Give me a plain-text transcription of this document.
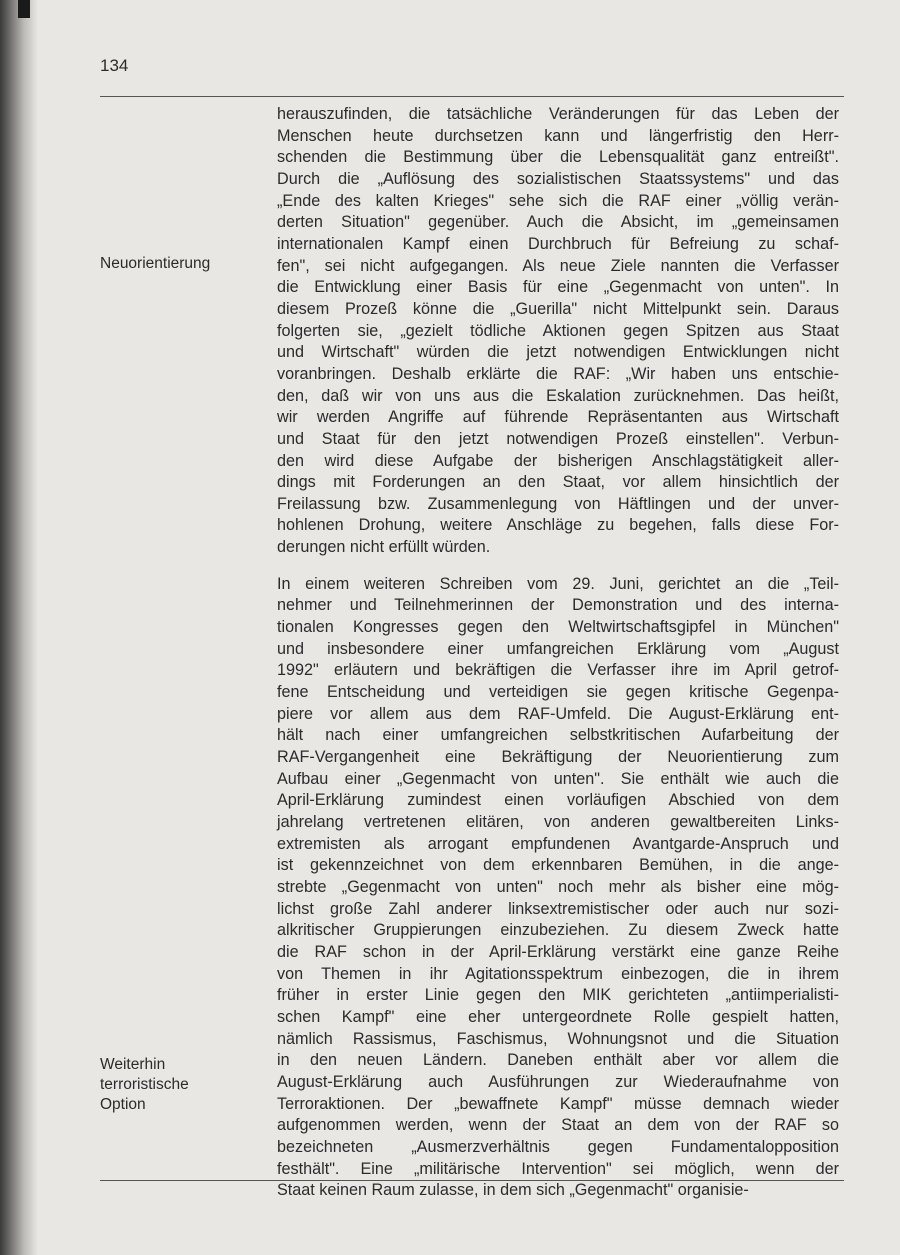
134
Neuorientierung
Weiterhin
terroristische
Option

herauszufinden, die tatsächliche Veränderungen für das Leben der

Menschen heute durchsetzen kann und längerfristig den Herr-

schenden die Bestimmung über die Lebensqualität ganz entreißt".

Durch die „Auflösung des sozialistischen Staatssystems" und das

„Ende des kalten Krieges" sehe sich die RAF einer „völlig verän-

derten Situation" gegenüber. Auch die Absicht, im „gemeinsamen

internationalen Kampf einen Durchbruch für Befreiung zu schaf-

fen", sei nicht aufgegangen. Als neue Ziele nannten die Verfasser

die Entwicklung einer Basis für eine „Gegenmacht von unten". In

diesem Prozeß könne die „Guerilla" nicht Mittelpunkt sein. Daraus

folgerten sie, „gezielt tödliche Aktionen gegen Spitzen aus Staat

und Wirtschaft" würden die jetzt notwendigen Entwicklungen nicht

voranbringen. Deshalb erklärte die RAF: „Wir haben uns entschie-

den, daß wir von uns aus die Eskalation zurücknehmen. Das heißt,

wir werden Angriffe auf führende Repräsentanten aus Wirtschaft

und Staat für den jetzt notwendigen Prozeß einstellen". Verbun-

den wird diese Aufgabe der bisherigen Anschlagstätigkeit aller-

dings mit Forderungen an den Staat, vor allem hinsichtlich der

Freilassung bzw. Zusammenlegung von Häftlingen und der unver-

hohlenen Drohung, weitere Anschläge zu begehen, falls diese For-

derungen nicht erfüllt würden.

In einem weiteren Schreiben vom 29. Juni, gerichtet an die „Teil-

nehmer und Teilnehmerinnen der Demonstration und des interna-

tionalen Kongresses gegen den Weltwirtschaftsgipfel in München"

und insbesondere einer umfangreichen Erklärung vom „August

1992" erläutern und bekräftigen die Verfasser ihre im April getrof-

fene Entscheidung und verteidigen sie gegen kritische Gegenpa-

piere vor allem aus dem RAF-Umfeld. Die August-Erklärung ent-

hält nach einer umfangreichen selbstkritischen Aufarbeitung der

RAF-Vergangenheit eine Bekräftigung der Neuorientierung zum

Aufbau einer „Gegenmacht von unten". Sie enthält wie auch die

April-Erklärung zumindest einen vorläufigen Abschied von dem

jahrelang vertretenen elitären, von anderen gewaltbereiten Links-

extremisten als arrogant empfundenen Avantgarde-Anspruch und

ist gekennzeichnet von dem erkennbaren Bemühen, in die ange-

strebte „Gegenmacht von unten" noch mehr als bisher eine mög-

lichst große Zahl anderer linksextremistischer oder auch nur sozi-

alkritischer Gruppierungen einzubeziehen. Zu diesem Zweck hatte

die RAF schon in der April-Erklärung verstärkt eine ganze Reihe

von Themen in ihr Agitationsspektrum einbezogen, die in ihrem

früher in erster Linie gegen den MIK gerichteten „antiimperialisti-

schen Kampf" eine eher untergeordnete Rolle gespielt hatten,

nämlich Rassismus, Faschismus, Wohnungsnot und die Situation

in den neuen Ländern. Daneben enthält aber vor allem die

August-Erklärung auch Ausführungen zur Wiederaufnahme von

Terroraktionen. Der „bewaffnete Kampf" müsse demnach wieder

aufgenommen werden, wenn der Staat an dem von der RAF so

bezeichneten „Ausmerzverhältnis gegen Fundamentalopposition

festhält". Eine „militärische Intervention" sei möglich, wenn der

Staat keinen Raum zulasse, in dem sich „Gegenmacht" organisie-
